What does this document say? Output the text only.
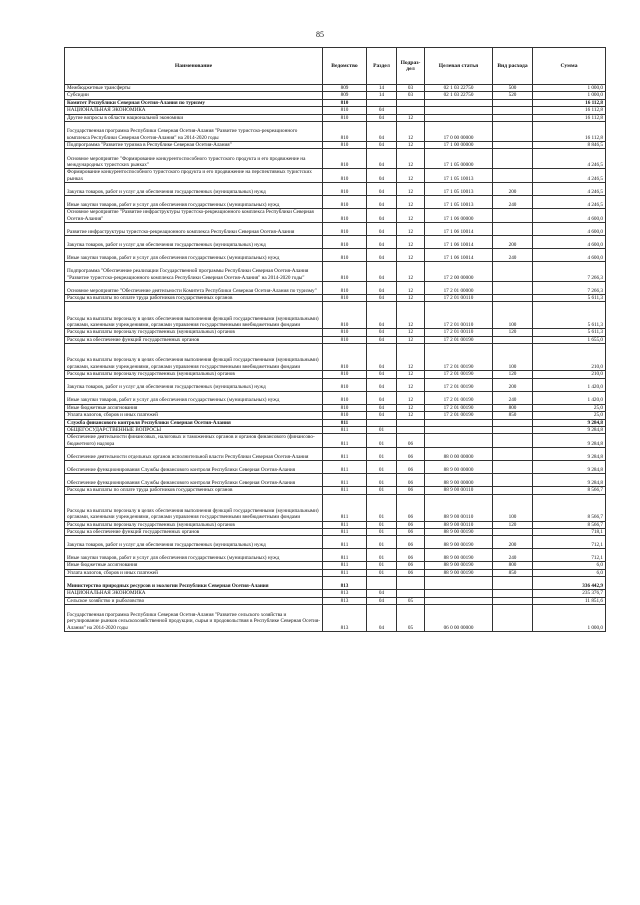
85
Наименование	Ведомство	Раздел	Подраз-дел	Целевая статья	Вид расхода	Сумма
Межбюджетные трансферты	809	14	03	02 1 03 22750	500	1 000,0
Субсидии	809	14	03	02 1 03 22750	520	1 000,0
Комитет Республики Северная Осетия-Алания по туризму	810					16 112,8
НАЦИОНАЛЬНАЯ ЭКОНОМИКА	810	04				16 112,8
Другие вопросы в области национальной экономики	810	04	12			16 112,8
Государственная программа Республики Северная Осетия-Алания "Развитие туристско-рекреационного комплекса Республики Северная Осетия-Алания" на 2014-2020 годы	810	04	12	17 0 00 00000		16 112,8
Подпрограмма "Развитие туризма в Республике Северная Осетия-Алания"	810	04	12	17 1 00 00000		8 846,5
Основное мероприятие "Формирование конкурентоспособного туристского продукта и его продвижение на международных туристских рынках"	810	04	12	17 1 05 00000		4 246,5
Формирование конкурентоспособного туристского продукта и его продвижение на перспективных туристских рынках	810	04	12	17 1 05 10013		4 246,5
Закупка товаров, работ и услуг для обеспечения государственных (муниципальных) нужд	810	04	12	17 1 05 10013	200	4 246,5
Иные закупки товаров, работ и услуг для обеспечения государственных (муниципальных) нужд	810	04	12	17 1 05 10013	240	4 246,5
Основное мероприятие "Развитие инфраструктуры туристско-рекреационного комплекса Республики Северная Осетия-Алания"	810	04	12	17 1 06 00000		4 600,0
Развитие инфраструктуры туристско-рекреационного комплекса Республики Северная Осетия-Алания	810	04	12	17 1 06 10014		4 600,0
Закупка товаров, работ и услуг для обеспечения государственных (муниципальных) нужд	810	04	12	17 1 06 10014	200	4 600,0
Иные закупки товаров, работ и услуг для обеспечения государственных (муниципальных) нужд	810	04	12	17 1 06 10014	240	4 600,0
Подпрограмма "Обеспечение реализации Государственной программы Республики Северная Осетия-Алания "Развитие туристско-рекреационного комплекса Республики Северная Осетия-Алания" на 2014-2020 годы"	810	04	12	17 2 00 00000		7 266,3
Основное мероприятие "Обеспечение деятельности Комитета Республики Северная Осетия-Алания по туризму"	810	04	12	17 2 01 00000		7 266,3
Расходы на выплаты по оплате труда работников государственных органов	810	04	12	17 2 01 00110		5 611,3
Расходы на выплаты персоналу в целях обеспечения выполнения функций государственными (муниципальными) органами, казенными учреждениями, органами управления государственными внебюджетными фондами	810	04	12	17 2 01 00110	100	5 611,3
Расходы на выплаты персоналу государственных (муниципальных) органов	810	04	12	17 2 01 00110	120	5 611,3
Расходы на обеспечение функций государственных органов	810	04	12	17 2 01 00190		1 655,0
Расходы на выплаты персоналу в целях обеспечения выполнения функций государственными (муниципальными) органами, казенными учреждениями, органами управления государственными внебюджетными фондами	810	04	12	17 2 01 00190	100	210,0
Расходы на выплаты персоналу государственных (муниципальных) органов	810	04	12	17 2 01 00190	120	210,0
Закупка товаров, работ и услуг для обеспечения государственных (муниципальных) нужд	810	04	12	17 2 01 00190	200	1 420,0
Иные закупки товаров, работ и услуг для обеспечения государственных (муниципальных) нужд	810	04	12	17 2 01 00190	240	1 420,0
Иные бюджетные ассигнования	810	04	12	17 2 01 00190	800	25,0
Уплата налогов, сборов и иных платежей	810	04	12	17 2 01 00190	850	25,0
Служба финансового контроля Республики Северная Осетия-Алания	811					9 284,8
ОБЩЕГОСУДАРСТВЕННЫЕ ВОПРОСЫ	811	01				9 284,8
Обеспечение деятельности финансовых, налоговых и таможенных органов и органов финансового (финансово-бюджетного) надзора	811	01	06			9 284,8
Обеспечение деятельности отдельных органов исполнительной власти Республики Северная Осетия-Алания	811	01	06	88 0 00 00000		9 284,8
Обеспечение функционирования Службы финансового контроля Республики Северная Осетия-Алания	811	01	06	88 9 00 00000		9 284,8
Обеспечение функционирования Службы финансового контроля Республики Северная Осетия-Алания	811	01	06	88 9 00 00000		9 284,8
Расходы на выплаты по оплате труда работников государственных органов	811	01	06	88 9 00 00110		8 566,7
Расходы на выплаты персоналу в целях обеспечения выполнения функций государственными (муниципальными) органами, казенными учреждениями, органами управления государственными внебюджетными фондами	811	01	06	88 9 00 00110	100	8 566,7
Расходы на выплаты персоналу государственных (муниципальных) органов	811	01	06	88 9 00 00110	120	8 566,7
Расходы на обеспечение функций государственных органов	811	01	06	88 9 00 00190		718,1
Закупка товаров, работ и услуг для обеспечения государственных (муниципальных) нужд	811	01	06	88 9 00 00190	200	712,1
Иные закупки товаров, работ и услуг для обеспечения государственных (муниципальных) нужд	811	01	06	88 9 00 00190	240	712,1
Иные бюджетные ассигнования	811	01	06	88 9 00 00190	800	6,0
Уплата налогов, сборов и иных платежей	811	01	06	88 9 00 00190	850	6,0
Министерство природных ресурсов и экологии Республики Северная Осетия-Алания	813					336 442,9
НАЦИОНАЛЬНАЯ ЭКОНОМИКА	813	04				235 376,7
Сельское хозяйство и рыболовство	813	04	05			11 851,6
Государственная программа Республики Северная Осетия-Алания "Развитие сельского хозяйства и регулирование рынков сельскохозяйственной продукции, сырья и продовольствия в Республике Северная Осетия-Алания" на 2014-2020 годы	813	04	05	06 0 00 00000		1 000,0
